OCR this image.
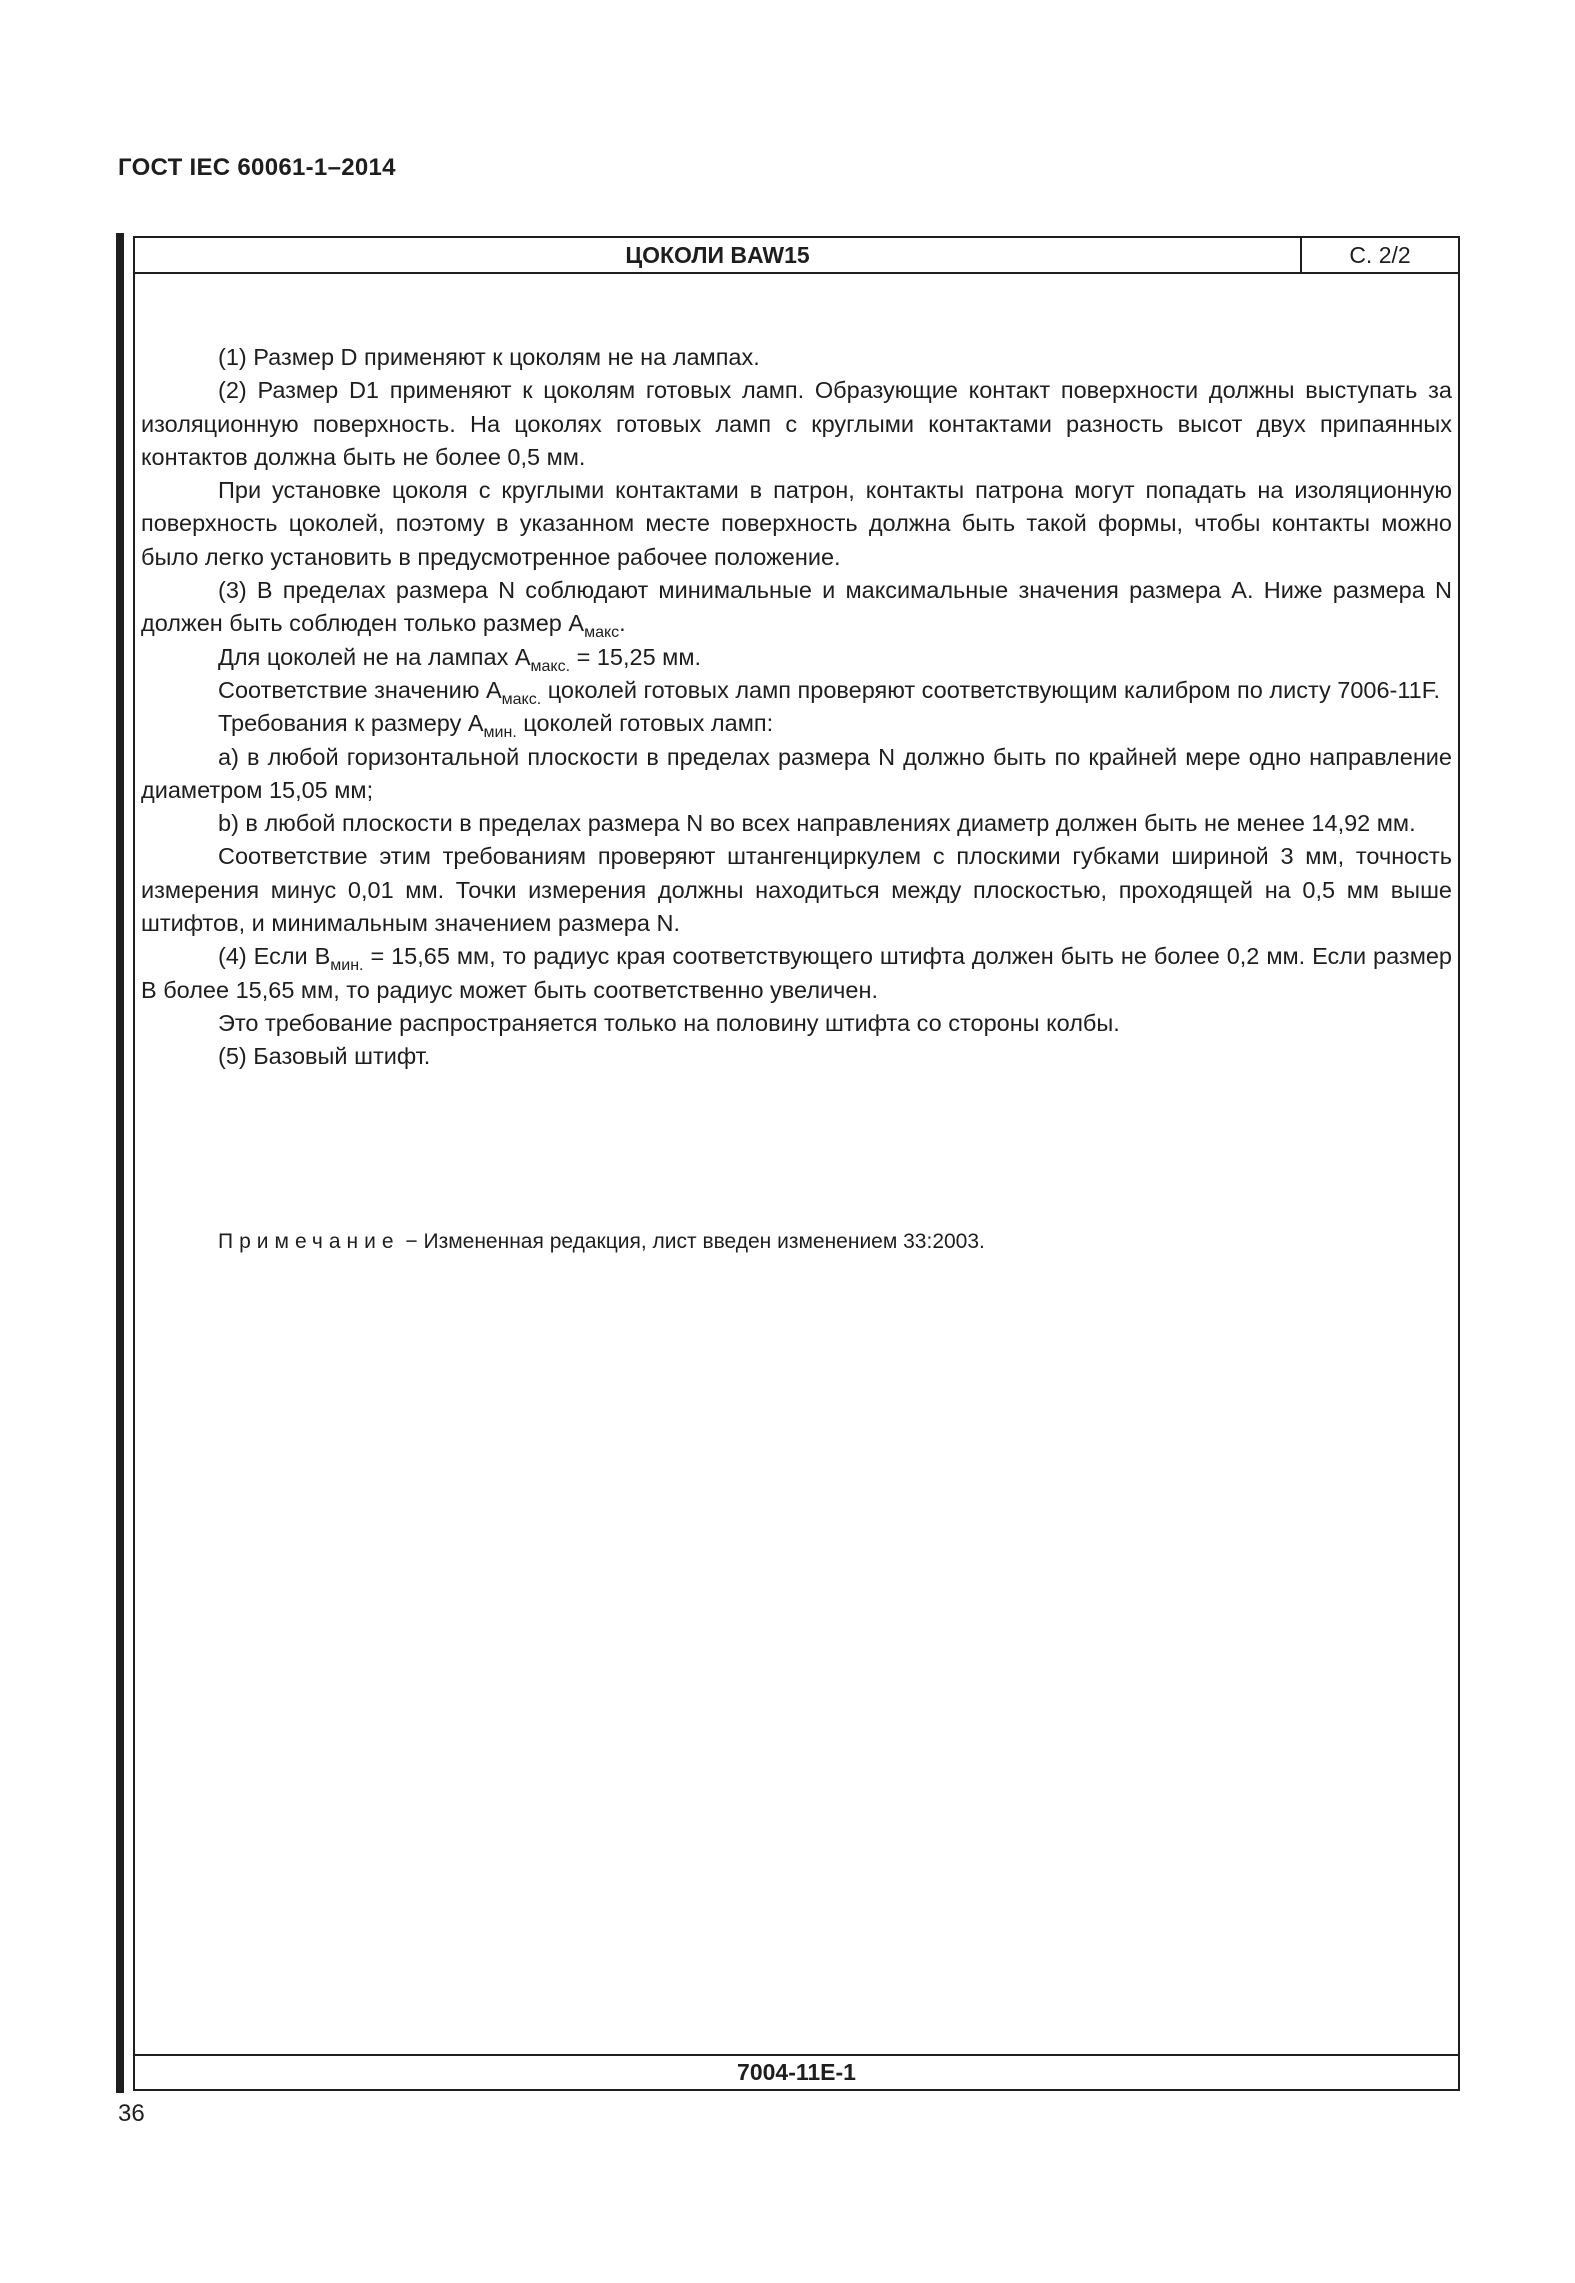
ГОСТ IEC 60061-1–2014
ЦОКОЛИ BAW15	С. 2/2

(1) Размер D применяют к цоколям не на лампах.

(2) Размер D1 применяют к цоколям готовых ламп. Образующие контакт поверхности должны выступать за изоляционную поверхность. На цоколях готовых ламп с круглыми контактами разность высот двух припаянных контактов должна быть не более 0,5 мм.

При установке цоколя с круглыми контактами в патрон, контакты патрона могут попадать на изоляционную поверхность цоколей, поэтому в указанном месте поверхность должна быть такой формы, чтобы контакты можно было легко установить в предусмотренное рабочее положение.

(3) В пределах размера N соблюдают минимальные и максимальные значения размера А. Ниже размера N должен быть соблюден только размер $А_{макс}$.

Для цоколей не на лампах $А_{макс.} = 15,25$ мм.

Соответствие значению $А_{макс.}$ цоколей готовых ламп проверяют соответствующим калибром по листу 7006-11F.

Требования к размеру $А_{мин.}$ цоколей готовых ламп:

a) в любой горизонтальной плоскости в пределах размера N должно быть по крайней мере одно направление диаметром 15,05 мм;

b) в любой плоскости в пределах размера N во всех направлениях диаметр должен быть не менее 14,92 мм.

Соответствие этим требованиям проверяют штангенциркулем с плоскими губками шириной 3 мм, точность измерения минус 0,01 мм. Точки измерения должны находиться между плоскостью, проходящей на 0,5 мм выше штифтов, и минимальным значением размера N.

(4) Если $В_{мин.} = 15,65$ мм, то радиус края соответствующего штифта должен быть не более 0,2 мм. Если размер В более 15,65 мм, то радиус может быть соответственно увеличен.

Это требование распространяется только на половину штифта со стороны колбы.

(5) Базовый штифт.

Примечание − Измененная редакция, лист введен изменением 33:2003.

7004-11Е-1
36
